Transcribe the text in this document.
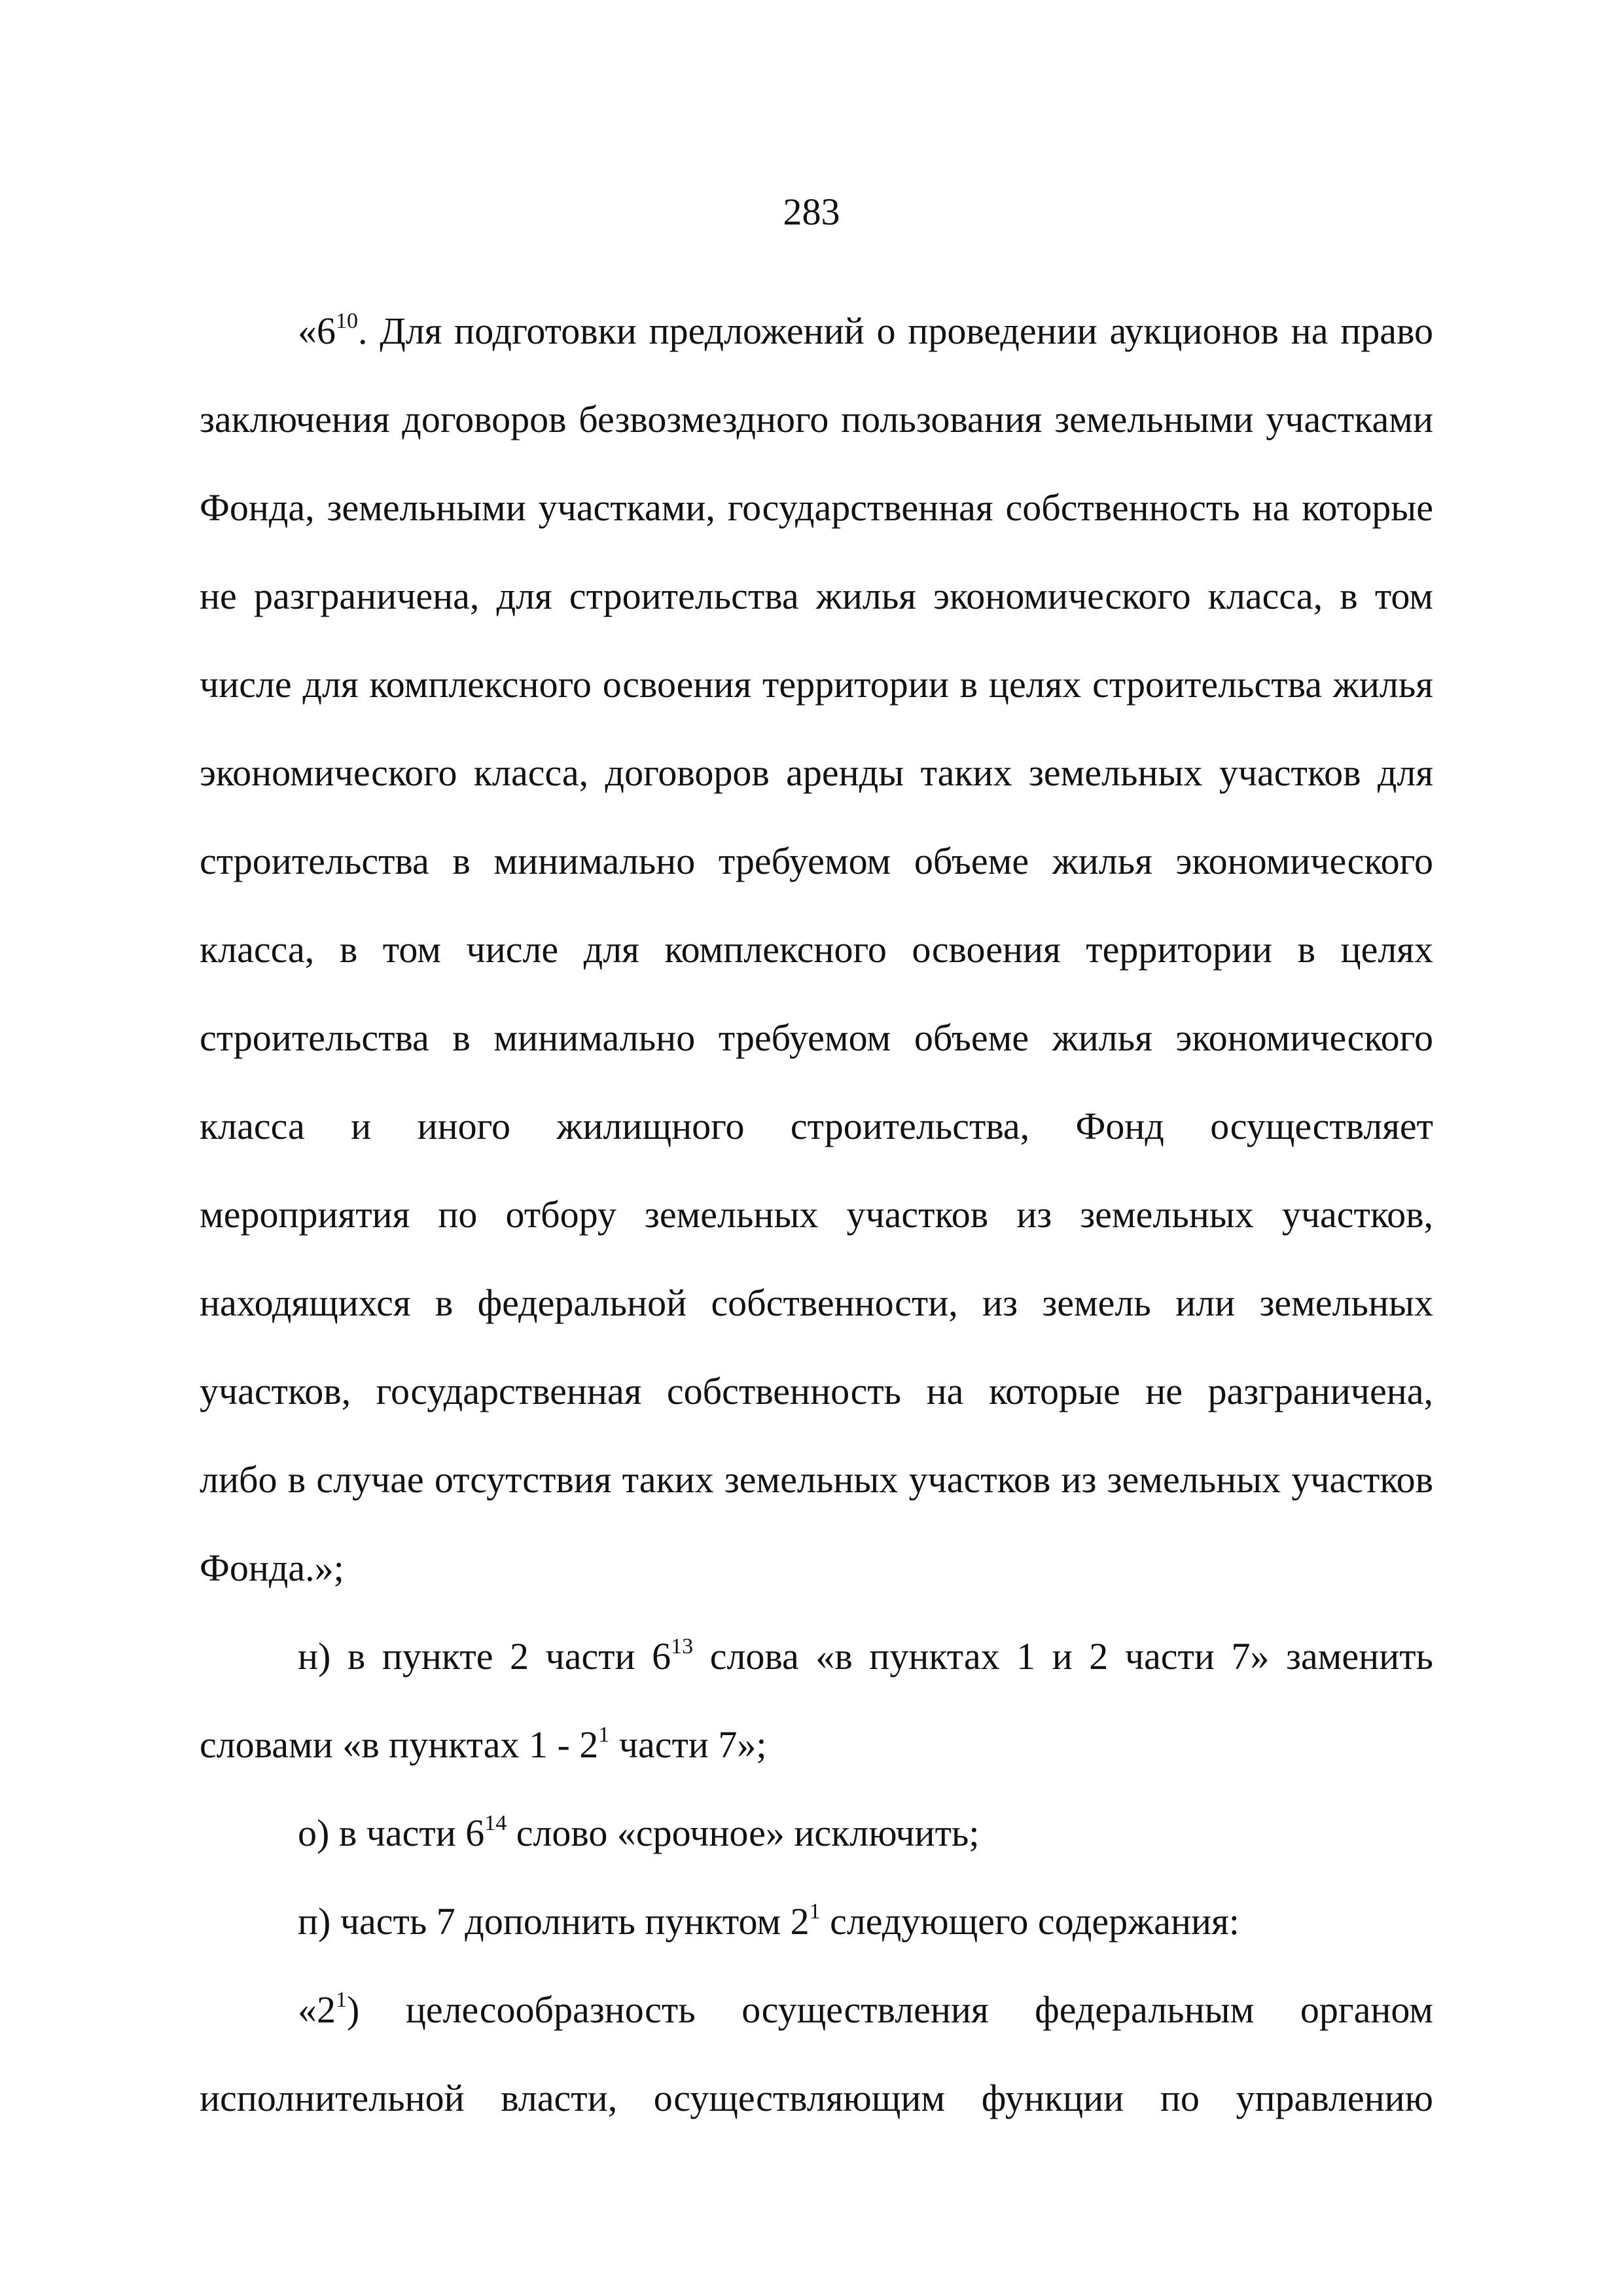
283
«$6^{10}$. Для подготовки предложений о проведении аукционов на право
заключения договоров безвозмездного пользования земельными участками
Фонда, земельными участками, государственная собственность на которые
не разграничена, для строительства жилья экономического класса, в том
числе для комплексного освоения территории в целях строительства жилья
экономического класса, договоров аренды таких земельных участков для
строительства в минимально требуемом объеме жилья экономического
класса, в том числе для комплексного освоения территории в целях
строительства в минимально требуемом объеме жилья экономического
класса и иного жилищного строительства, Фонд осуществляет
мероприятия по отбору земельных участков из земельных участков,
находящихся в федеральной собственности, из земель или земельных
участков, государственная собственность на которые не разграничена,
либо в случае отсутствия таких земельных участков из земельных участков
Фонда.»;
н) в пункте 2 части $6^{13}$ слова «в пунктах 1 и 2 части 7» заменить
словами «в пунктах $1 - 2^1$ части 7»;
о) в части $6^{14}$ слово «срочное» исключить;
п) часть 7 дополнить пунктом $2^1$ следующего содержания:
«$2^1$) целесообразность осуществления федеральным органом
исполнительной власти, осуществляющим функции по управлению
